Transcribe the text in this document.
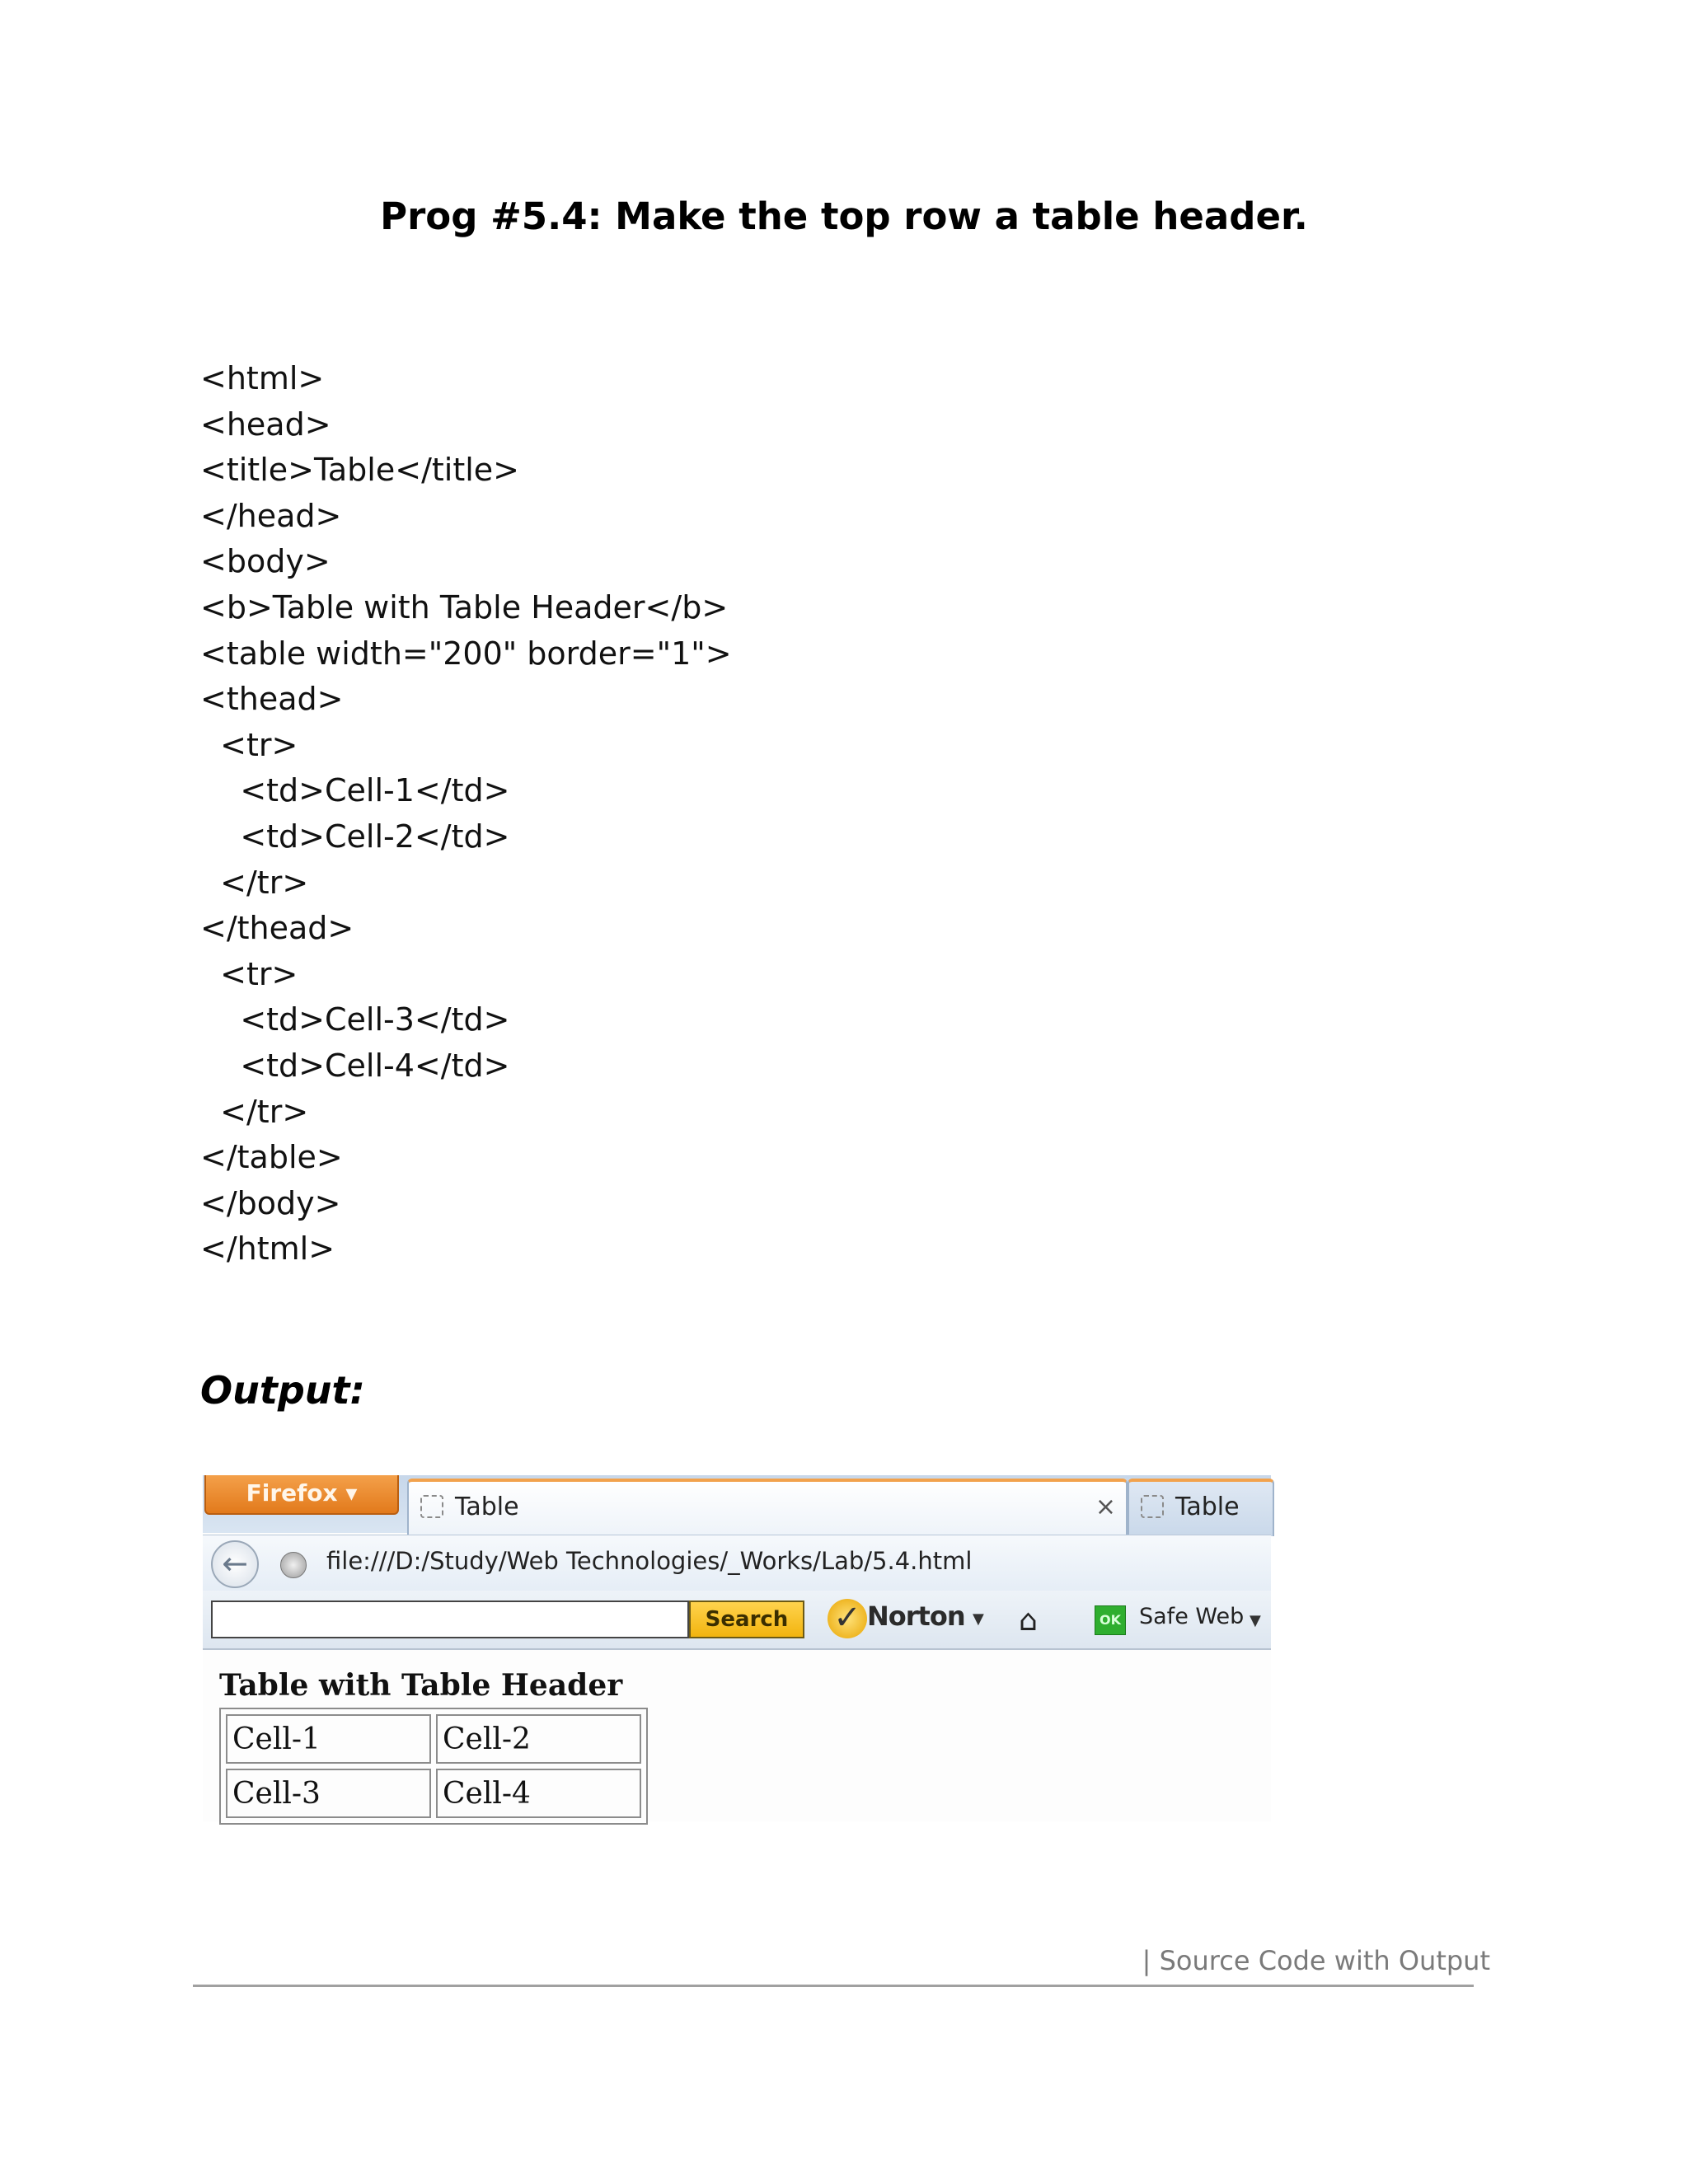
Prog #5.4: Make the top row a table header.
<html>
<head>
<title>Table</title>
</head>
<body>
<b>Table with Table Header</b>
<table width="200" border="1">
<thead>
<tr>
<td>Cell-1</td>
<td>Cell-2</td>
</tr>
</thead>
<tr>
<td>Cell-3</td>
<td>Cell-4</td>
</tr>
</table>
</body>
</html>
Output:
Firefox ▾	Table	× Table
←	file:///D:/Study/Web Technologies/_Works/Lab/5.4.html
Search	✓ Norton ▼ ⌂	OK Safe Web ▼
Table with Table Header
Cell-1	Cell-2
Cell-3	Cell-4
| Source Code with Output
